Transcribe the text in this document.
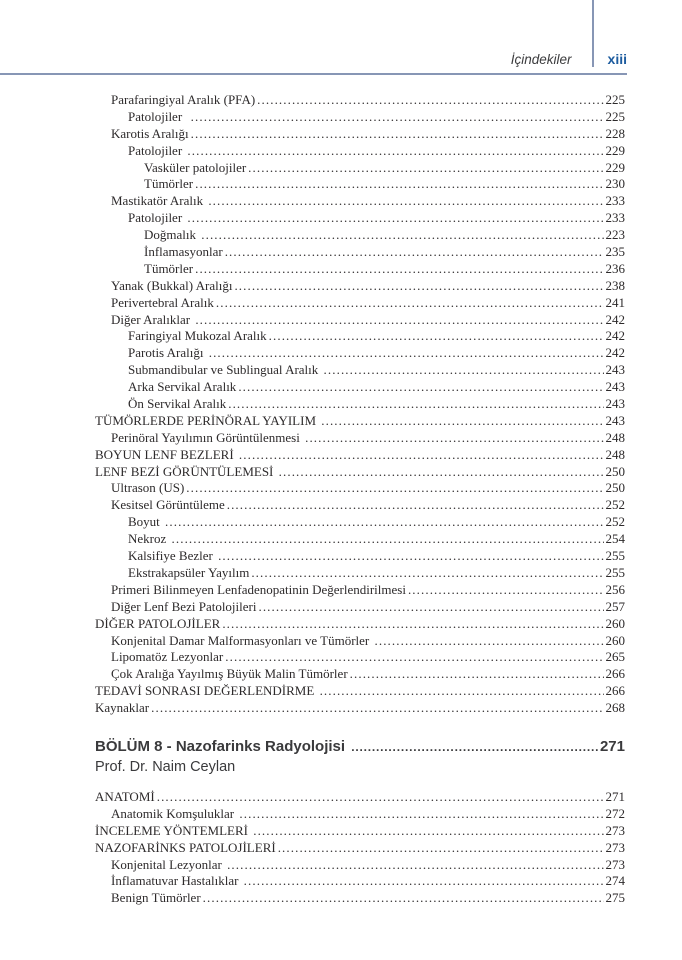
İçindekiler	xiii
Parafaringiyal Aralık (PFA) .....	225
Patolojiler .....	225
Karotis Aralığı .....	228
Patolojiler .....	229
Vasküler patolojiler .....	229
Tümörler .....	230
Mastikatör Aralık .....	233
Patolojiler .....	233
Doğmalık .....	223
İnflamasyonlar .....	235
Tümörler .....	236
Yanak (Bukkal) Aralığı .....	238
Perivertebral Aralık .....	241
Diğer Aralıklar .....	242
Faringiyal Mukozal Aralık .....	242
Parotis Aralığı .....	242
Submandibular ve Sublingual Aralık .....	243
Arka Servikal Aralık .....	243
Ön Servikal Aralık .....	243
TÜMÖRLERDE PERİNÖRAL YAYILIM .....	243
Perinöral Yayılımın Görüntülenmesi .....	248
BOYUN LENF BEZLERİ .....	248
LENF BEZİ GÖRÜNTÜLEMESİ .....	250
Ultrason (US) .....	250
Kesitsel Görüntüleme .....	252
Boyut .....	252
Nekroz .....	254
Kalsifiye Bezler .....	255
Ekstrakapsüler Yayılım .....	255
Primeri Bilinmeyen Lenfadenopatinin Değerlendirilmesi .....	256
Diğer Lenf Bezi Patolojileri .....	257
DİĞER PATOLOJİLER .....	260
Konjenital Damar Malformasyonları ve Tümörler .....	260
Lipomatöz Lezyonlar .....	265
Çok Aralığa Yayılmış Büyük Malin Tümörler .....	266
TEDAVİ SONRASI DEĞERLENDİRME .....	266
Kaynaklar .....	268
BÖLÜM 8 - Nazofarinks Radyolojisi .....	271
Prof. Dr. Naim Ceylan
ANATOMİ .....	271
Anatomik Komşuluklar .....	272
İNCELEME YÖNTEMLERİ .....	273
NAZOFARİNKS PATOLOJİLERİ .....	273
Konjenital Lezyonlar .....	273
İnflamatuvar Hastalıklar .....	274
Benign Tümörler .....	275
